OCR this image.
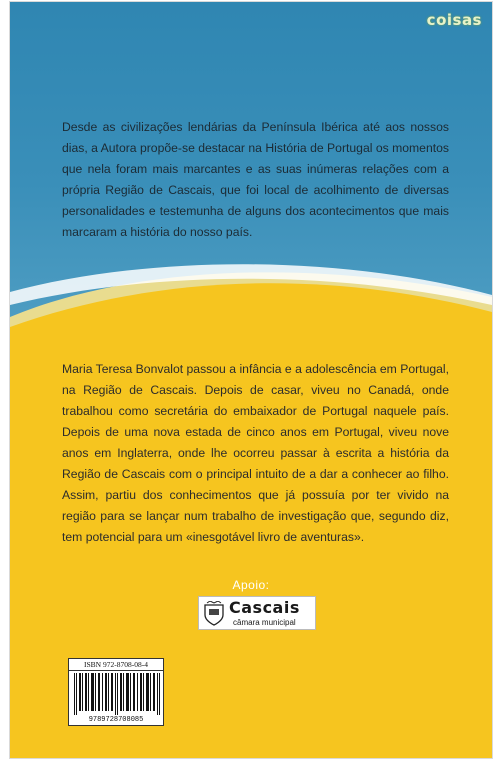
coisas

Desde as civilizações lendárias da Península Ibérica até aos nossos dias, a Autora propõe-se destacar na História de Portugal os momentos que nela foram mais marcantes e as suas inúmeras relações com a própria Região de Cascais, que foi local de acolhimento de diversas personalidades e testemunha de alguns dos acontecimentos que mais marcaram a história do nosso país.

Maria Teresa Bonvalot passou a infância e a adolescência em Portugal, na Região de Cascais. Depois de casar, viveu no Canadá, onde trabalhou como secretária do embaixador de Portugal naquele país. Depois de uma nova estada de cinco anos em Portugal, viveu nove anos em Inglaterra, onde lhe ocorreu passar à escrita a história da Região de Cascais com o principal intuito de a dar a conhecer ao filho. Assim, partiu dos conhecimentos que já possuía por ter vivido na região para se lançar num trabalho de investigação que, segundo diz, tem potencial para um «inesgotável livro de aventuras».

Apoio:
Cascais
câmara municipal
ISBN 972-8708-08-4
9789728708085
